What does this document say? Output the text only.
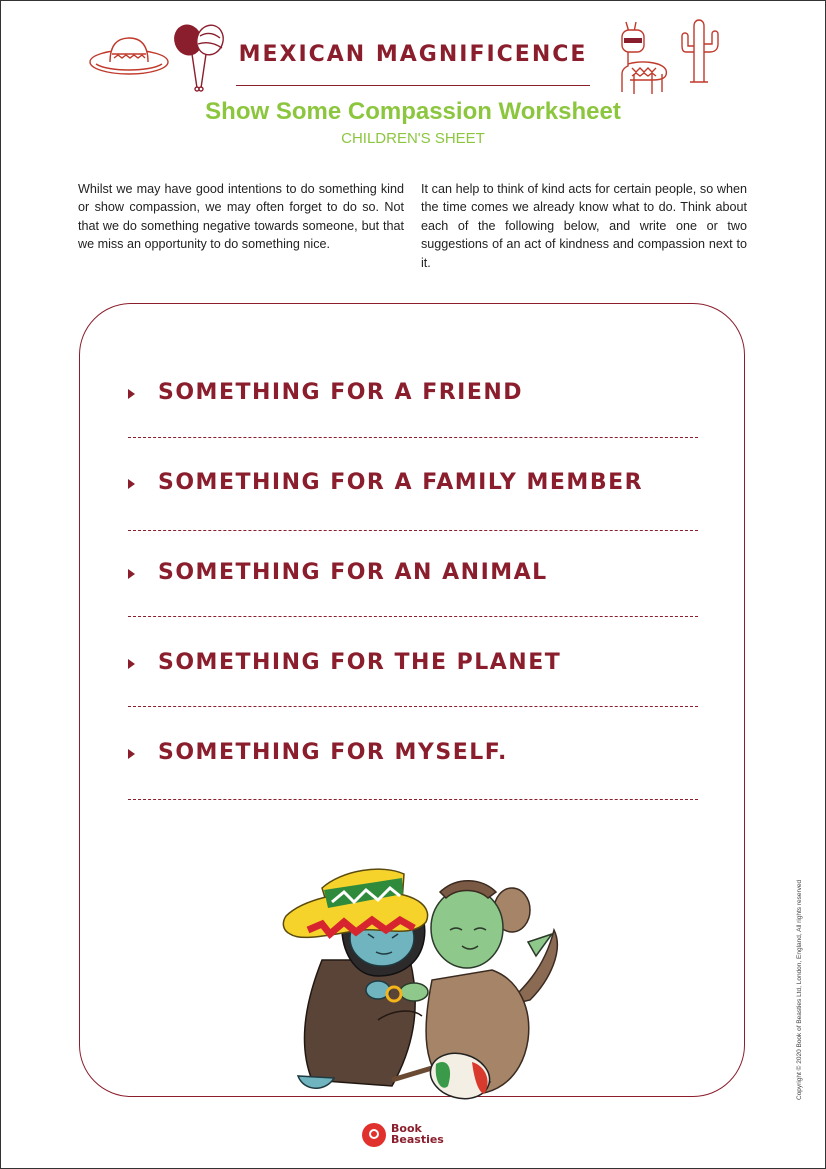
MEXICAN MAGNIFICENCE
Show Some Compassion Worksheet

CHILDREN'S SHEET

Whilst we may have good intentions to do something kind or show compassion, we may often forget to do so. Not that we do something negative towards someone, but that we miss an opportunity to do something nice.

It can help to think of kind acts for certain people, so when the time comes we already know what to do. Think about each of the following below, and write one or two suggestions of an act of kindness and compassion next to it.

SOMETHING FOR A FRIEND
SOMETHING FOR A FAMILY MEMBER
SOMETHING FOR AN ANIMAL
SOMETHING FOR THE PLANET
SOMETHING FOR MYSELF.
Copyright © 2020 Book of Beasties Ltd, London, England, All rights reserved
Book
Beasties
